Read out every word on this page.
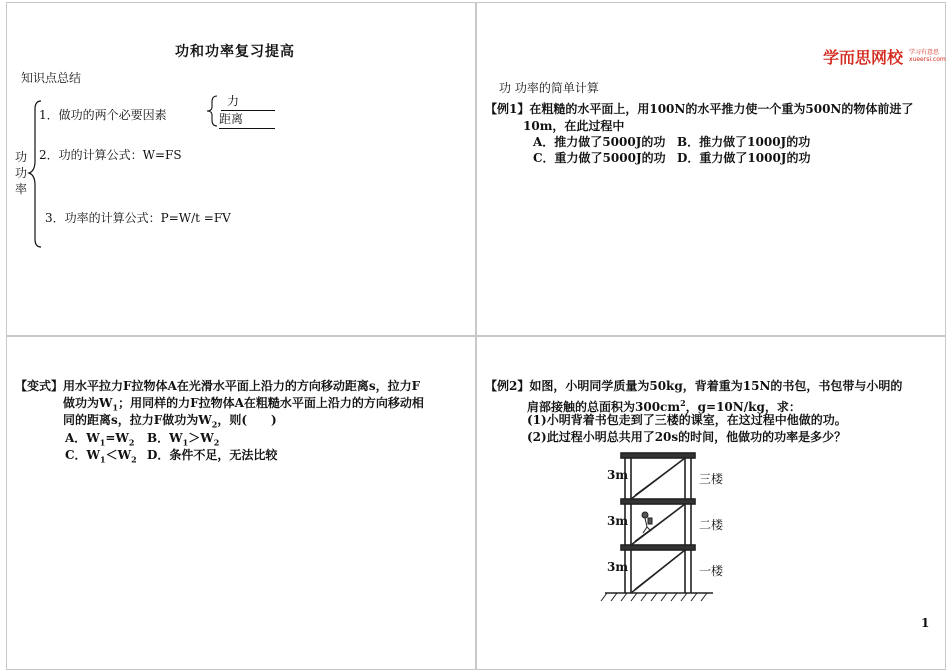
功和功率复习提高
知识点总结
功
功
率
1．做功的两个必要因素
力
距离
2．功的计算公式：W=FS
3．功率的计算公式：P=W/t =FV
学而思网校 学习有意思
xueersi.com
功 功率的简单计算
【例1】在粗糙的水平面上，用100N的水平推力使一个重为500N的物体前进了
10m，在此过程中
A．推力做了5000J的功 B．推力做了1000J的功
C．重力做了5000J的功 D．重力做了1000J的功
【变式】用水平拉力F拉物体A在光滑水平面上沿力的方向移动距离s，拉力F
做功为$W_1$；用同样的力F拉物体A在粗糙水平面上沿力的方向移动相
同的距离s，拉力F做功为$W_2$，则(　　)
A．$W_1=W_2$ B．$W_1>W_2$
C．$W_1<W_2$ D．条件不足，无法比较
【例2】如图，小明同学质量为50kg，背着重为15N的书包，书包带与小明的
肩部接触的总面积为$300cm^2$，g=10N/kg，求：
(1)小明背着书包走到了三楼的课室，在这过程中他做的功。
(2)此过程小明总共用了20s的时间，他做功的功率是多少？
3m
3m
3m
三楼
二楼
一楼
1
